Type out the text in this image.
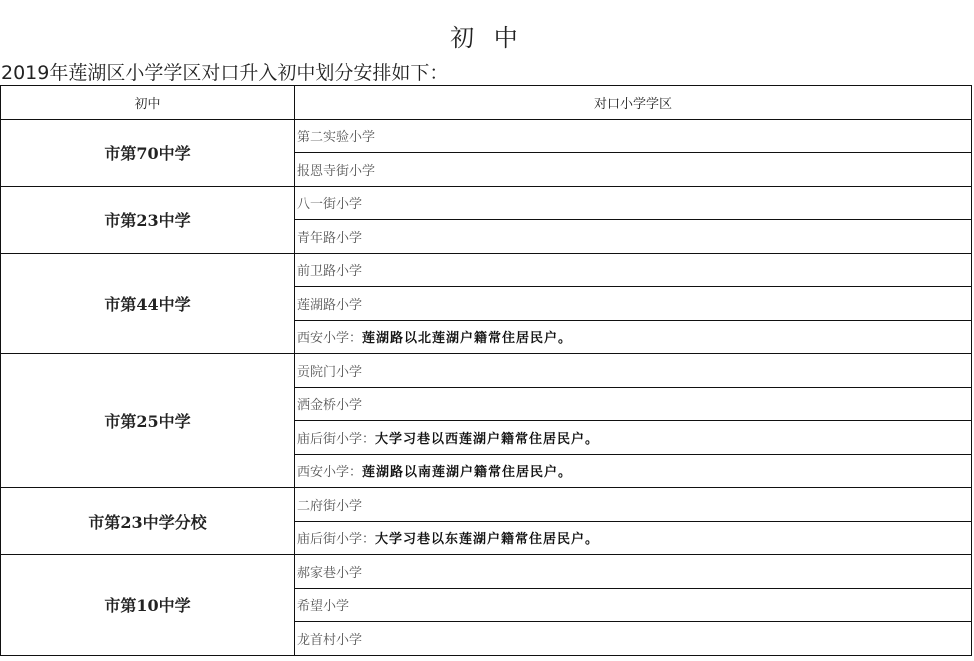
初 中
2019年莲湖区小学学区对口升入初中划分安排如下：
初中	对口小学学区
市第70中学	第二实验小学
	报恩寺街小学
市第23中学	八一街小学
	青年路小学
市第44中学	前卫路小学
	莲湖路小学
	西安小学：莲湖路以北莲湖户籍常住居民户。
市第25中学	贡院门小学
	洒金桥小学
	庙后街小学：大学习巷以西莲湖户籍常住居民户。
	西安小学：莲湖路以南莲湖户籍常住居民户。
市第23中学分校	二府街小学
	庙后街小学：大学习巷以东莲湖户籍常住居民户。
市第10中学	郝家巷小学
	希望小学
	龙首村小学
